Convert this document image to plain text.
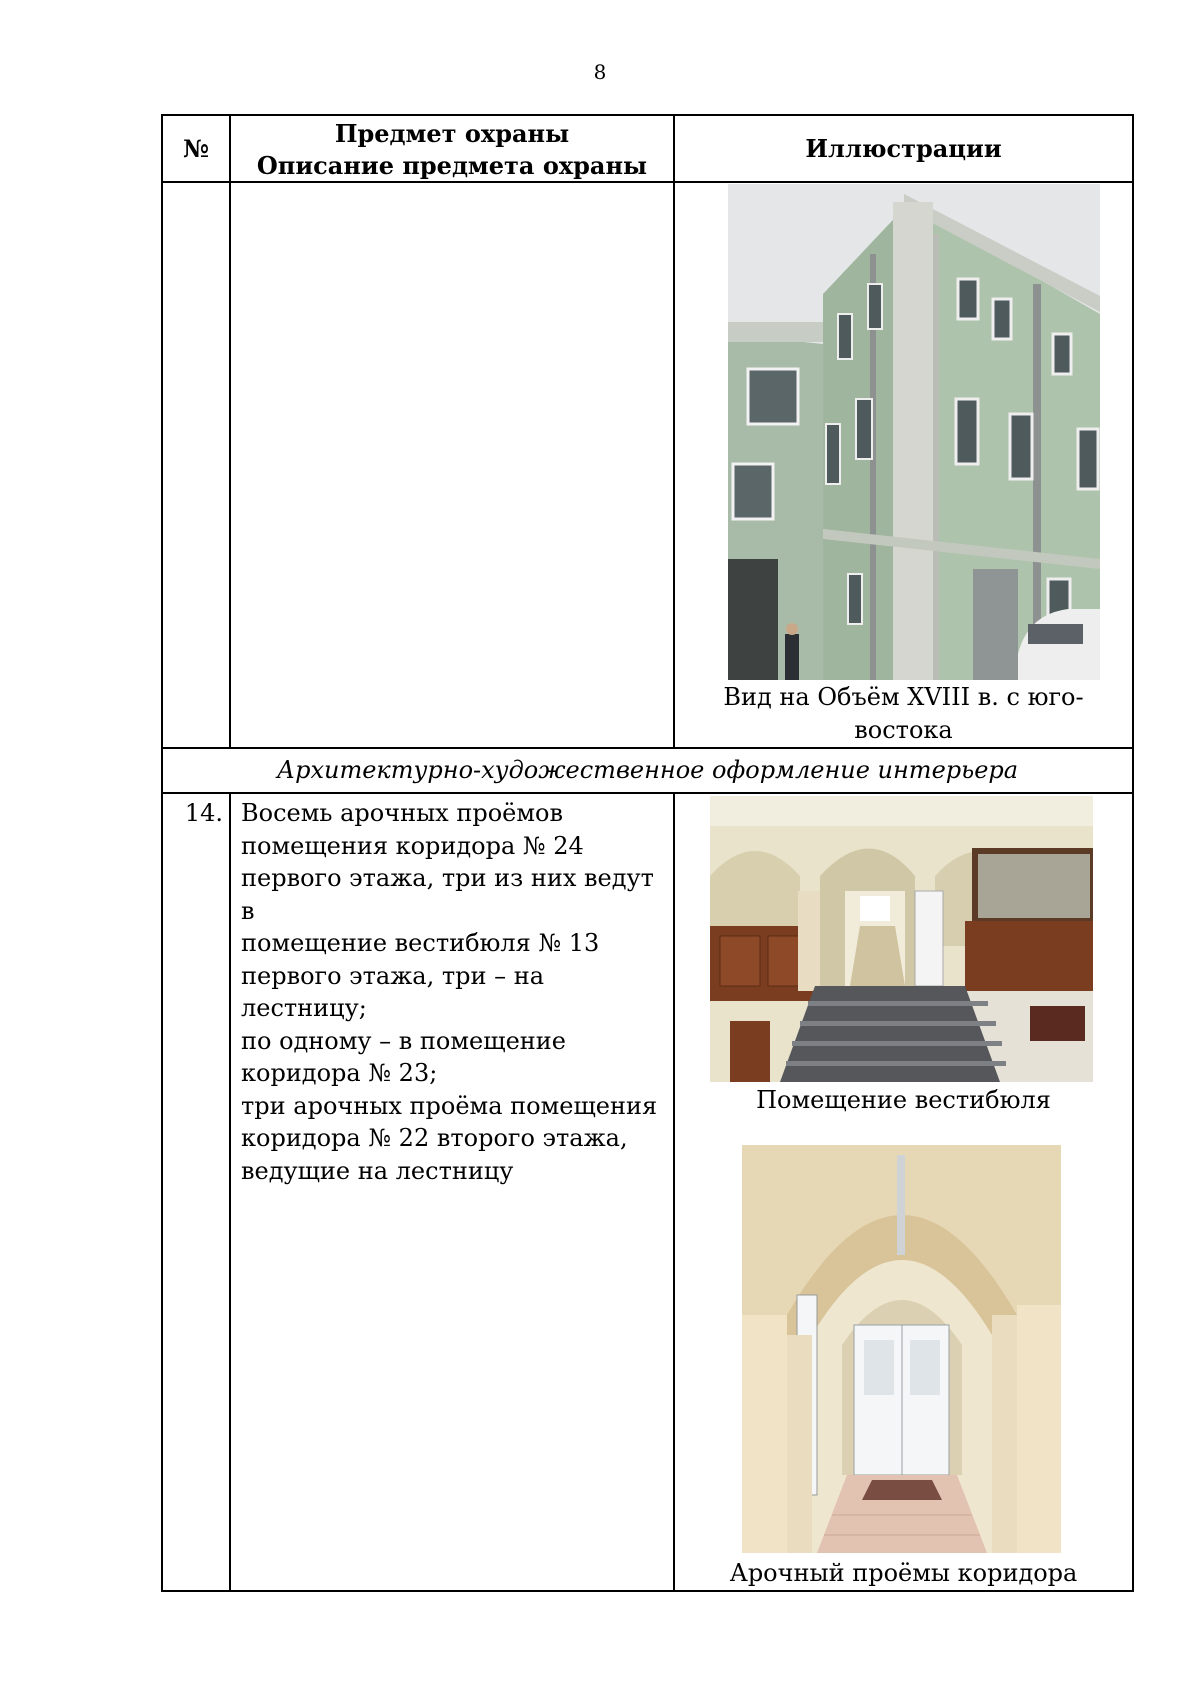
8
№
Предмет охраны
Описание предмета охраны
Иллюстрации
Вид на Объём XVIII в. с юго-
востока
Архитектурно-художественное оформление интерьера
14. Восемь арочных проёмов
помещения коридора № 24
первого этажа, три из них ведут в
помещение вестибюля № 13
первого этажа, три – на лестницу;
по одному – в помещение
коридора № 23;
три арочных проёма помещения
коридора № 22 второго этажа,
ведущие на лестницу
Помещение вестибюля
Арочный проёмы коридора
